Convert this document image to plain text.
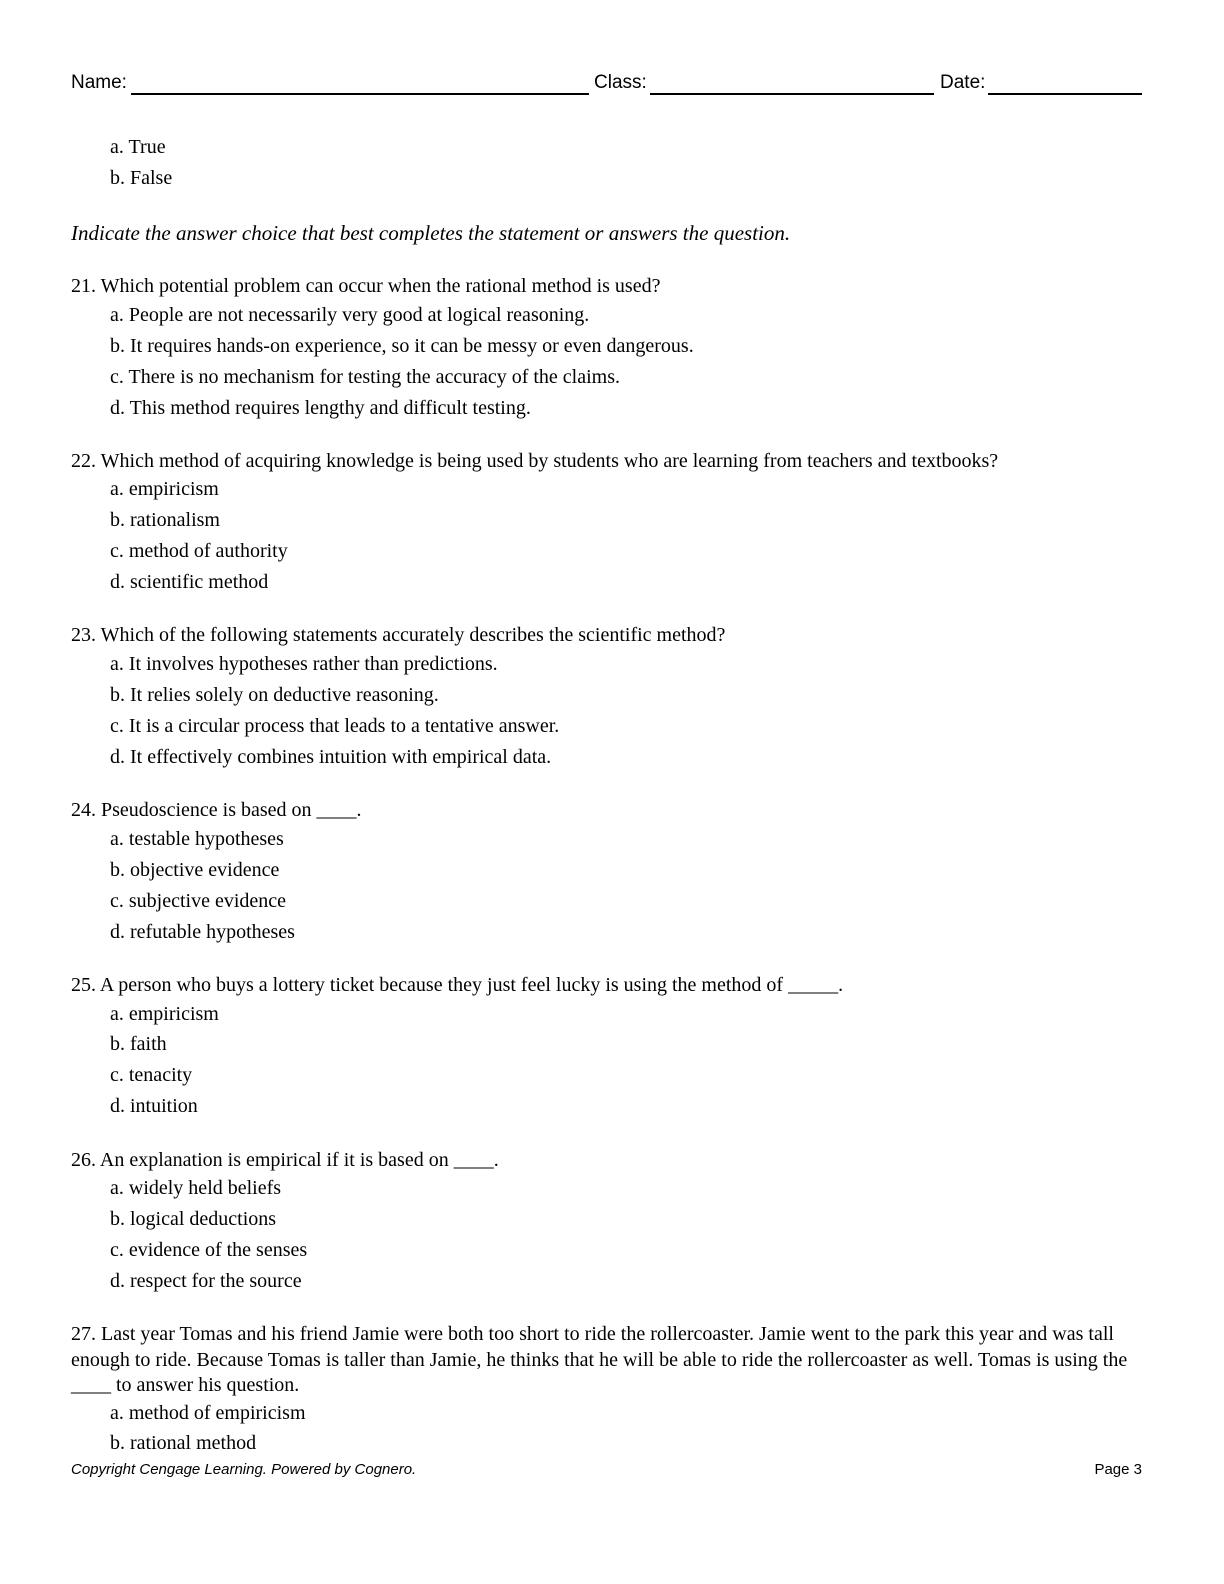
Name:	Class:	Date:
a. True
b. False
Indicate the answer choice that best completes the statement or answers the question.
21. Which potential problem can occur when the rational method is used?
a. People are not necessarily very good at logical reasoning.
b. It requires hands-on experience, so it can be messy or even dangerous.
c. There is no mechanism for testing the accuracy of the claims.
d. This method requires lengthy and difficult testing.
22. Which method of acquiring knowledge is being used by students who are learning from teachers and textbooks?
a. empiricism
b. rationalism
c. method of authority
d. scientific method
23. Which of the following statements accurately describes the scientific method?
a. It involves hypotheses rather than predictions.
b. It relies solely on deductive reasoning.
c. It is a circular process that leads to a tentative answer.
d. It effectively combines intuition with empirical data.
24. Pseudoscience is based on ____.
a. testable hypotheses
b. objective evidence
c. subjective evidence
d. refutable hypotheses
25. A person who buys a lottery ticket because they just feel lucky is using the method of _____.
a. empiricism
b. faith
c. tenacity
d. intuition
26. An explanation is empirical if it is based on ____.
a. widely held beliefs
b. logical deductions
c. evidence of the senses
d. respect for the source
27. Last year Tomas and his friend Jamie were both too short to ride the rollercoaster. Jamie went to the park this year and was tall enough to ride. Because Tomas is taller than Jamie, he thinks that he will be able to ride the rollercoaster as well. Tomas is using the ____ to answer his question.
a. method of empiricism
b. rational method
Copyright Cengage Learning. Powered by Cognero.	Page 3
